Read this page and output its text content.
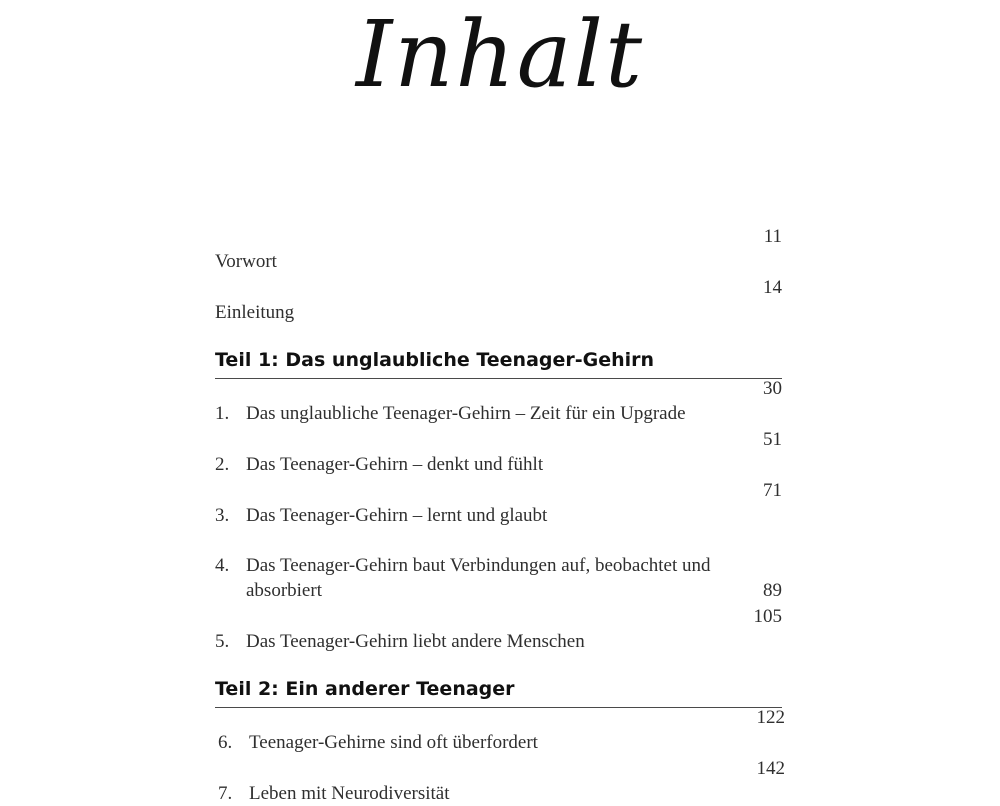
Inhalt
Vorwort
11
Einleitung
14
Teil 1: Das unglaubliche Teenager-Gehirn
1. Das unglaubliche Teenager-Gehirn – Zeit für ein Upgrade
30
2. Das Teenager-Gehirn – denkt und fühlt
51
3. Das Teenager-Gehirn – lernt und glaubt
71
4. Das Teenager-Gehirn baut Verbindungen auf, beobachtet und absorbiert	89
5. Das Teenager-Gehirn liebt andere Menschen
105
Teil 2: Ein anderer Teenager
6. Teenager-Gehirne sind oft überfordert
122
7. Leben mit Neurodiversität
142
